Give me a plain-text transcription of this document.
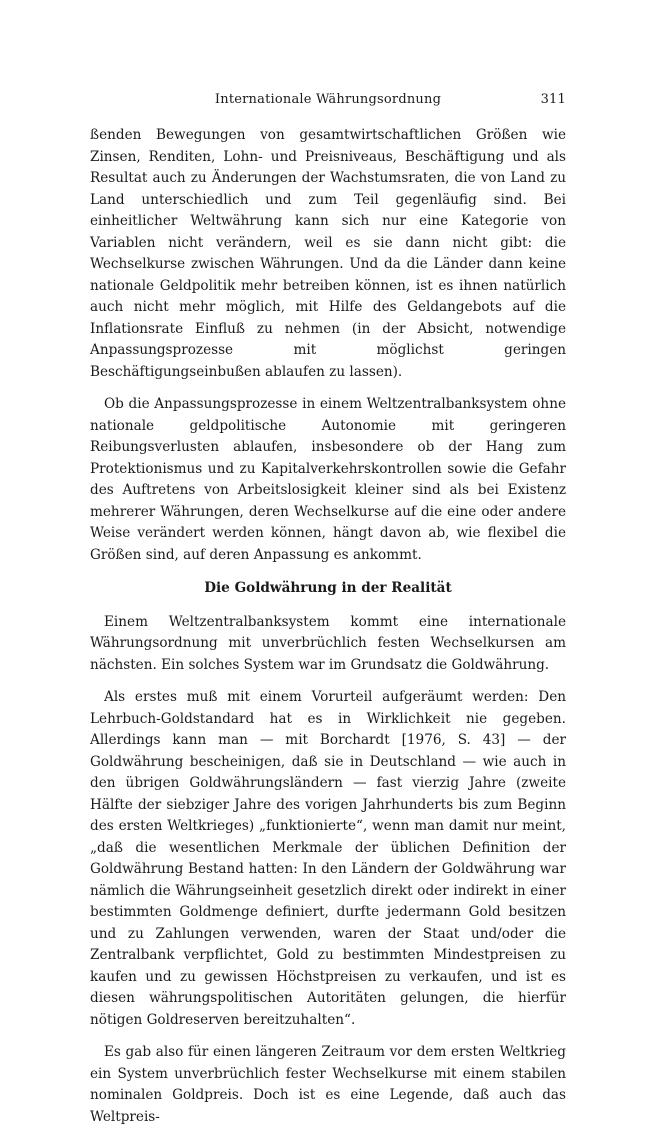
Internationale Währungsordnung	311

ßenden Bewegungen von gesamtwirtschaftlichen Größen wie Zinsen, Renditen, Lohn- und Preisniveaus, Beschäftigung und als Resultat auch zu Änderungen der Wachstumsraten, die von Land zu Land unterschiedlich und zum Teil gegenläufig sind. Bei einheitlicher Weltwährung kann sich nur eine Kategorie von Variablen nicht verändern, weil es sie dann nicht gibt: die Wechselkurse zwischen Währungen. Und da die Länder dann keine nationale Geldpolitik mehr betreiben können, ist es ihnen natürlich auch nicht mehr möglich, mit Hilfe des Geldangebots auf die Inflationsrate Einfluß zu nehmen (in der Absicht, notwendige Anpassungsprozesse mit möglichst geringen Beschäftigungseinbußen ablaufen zu lassen).

Ob die Anpassungsprozesse in einem Weltzentralbanksystem ohne nationale geldpolitische Autonomie mit geringeren Reibungsverlusten ablaufen, insbesondere ob der Hang zum Protektionismus und zu Kapitalverkehrskontrollen sowie die Gefahr des Auftretens von Arbeitslosigkeit kleiner sind als bei Existenz mehrerer Währungen, deren Wechselkurse auf die eine oder andere Weise verändert werden können, hängt davon ab, wie flexibel die Größen sind, auf deren Anpassung es ankommt.

Die Goldwährung in der Realität

Einem Weltzentralbanksystem kommt eine internationale Währungsordnung mit unverbrüchlich festen Wechselkursen am nächsten. Ein solches System war im Grundsatz die Goldwährung.

Als erstes muß mit einem Vorurteil aufgeräumt werden: Den Lehrbuch-Goldstandard hat es in Wirklichkeit nie gegeben. Allerdings kann man — mit Borchardt [1976, S. 43] — der Goldwährung bescheinigen, daß sie in Deutschland — wie auch in den übrigen Goldwährungsländern — fast vierzig Jahre (zweite Hälfte der siebziger Jahre des vorigen Jahrhunderts bis zum Beginn des ersten Weltkrieges) „funktionierte“, wenn man damit nur meint, „daß die wesentlichen Merkmale der üblichen Definition der Goldwährung Bestand hatten: In den Ländern der Goldwährung war nämlich die Währungseinheit gesetzlich direkt oder indirekt in einer bestimmten Goldmenge definiert, durfte jedermann Gold besitzen und zu Zahlungen verwenden, waren der Staat und/oder die Zentralbank verpflichtet, Gold zu bestimmten Mindestpreisen zu kaufen und zu gewissen Höchstpreisen zu verkaufen, und ist es diesen währungspolitischen Autoritäten gelungen, die hierfür nötigen Goldreserven bereitzuhalten“.

Es gab also für einen längeren Zeitraum vor dem ersten Weltkrieg ein System unverbrüchlich fester Wechselkurse mit einem stabilen nominalen Goldpreis. Doch ist es eine Legende, daß auch das Weltpreis-
